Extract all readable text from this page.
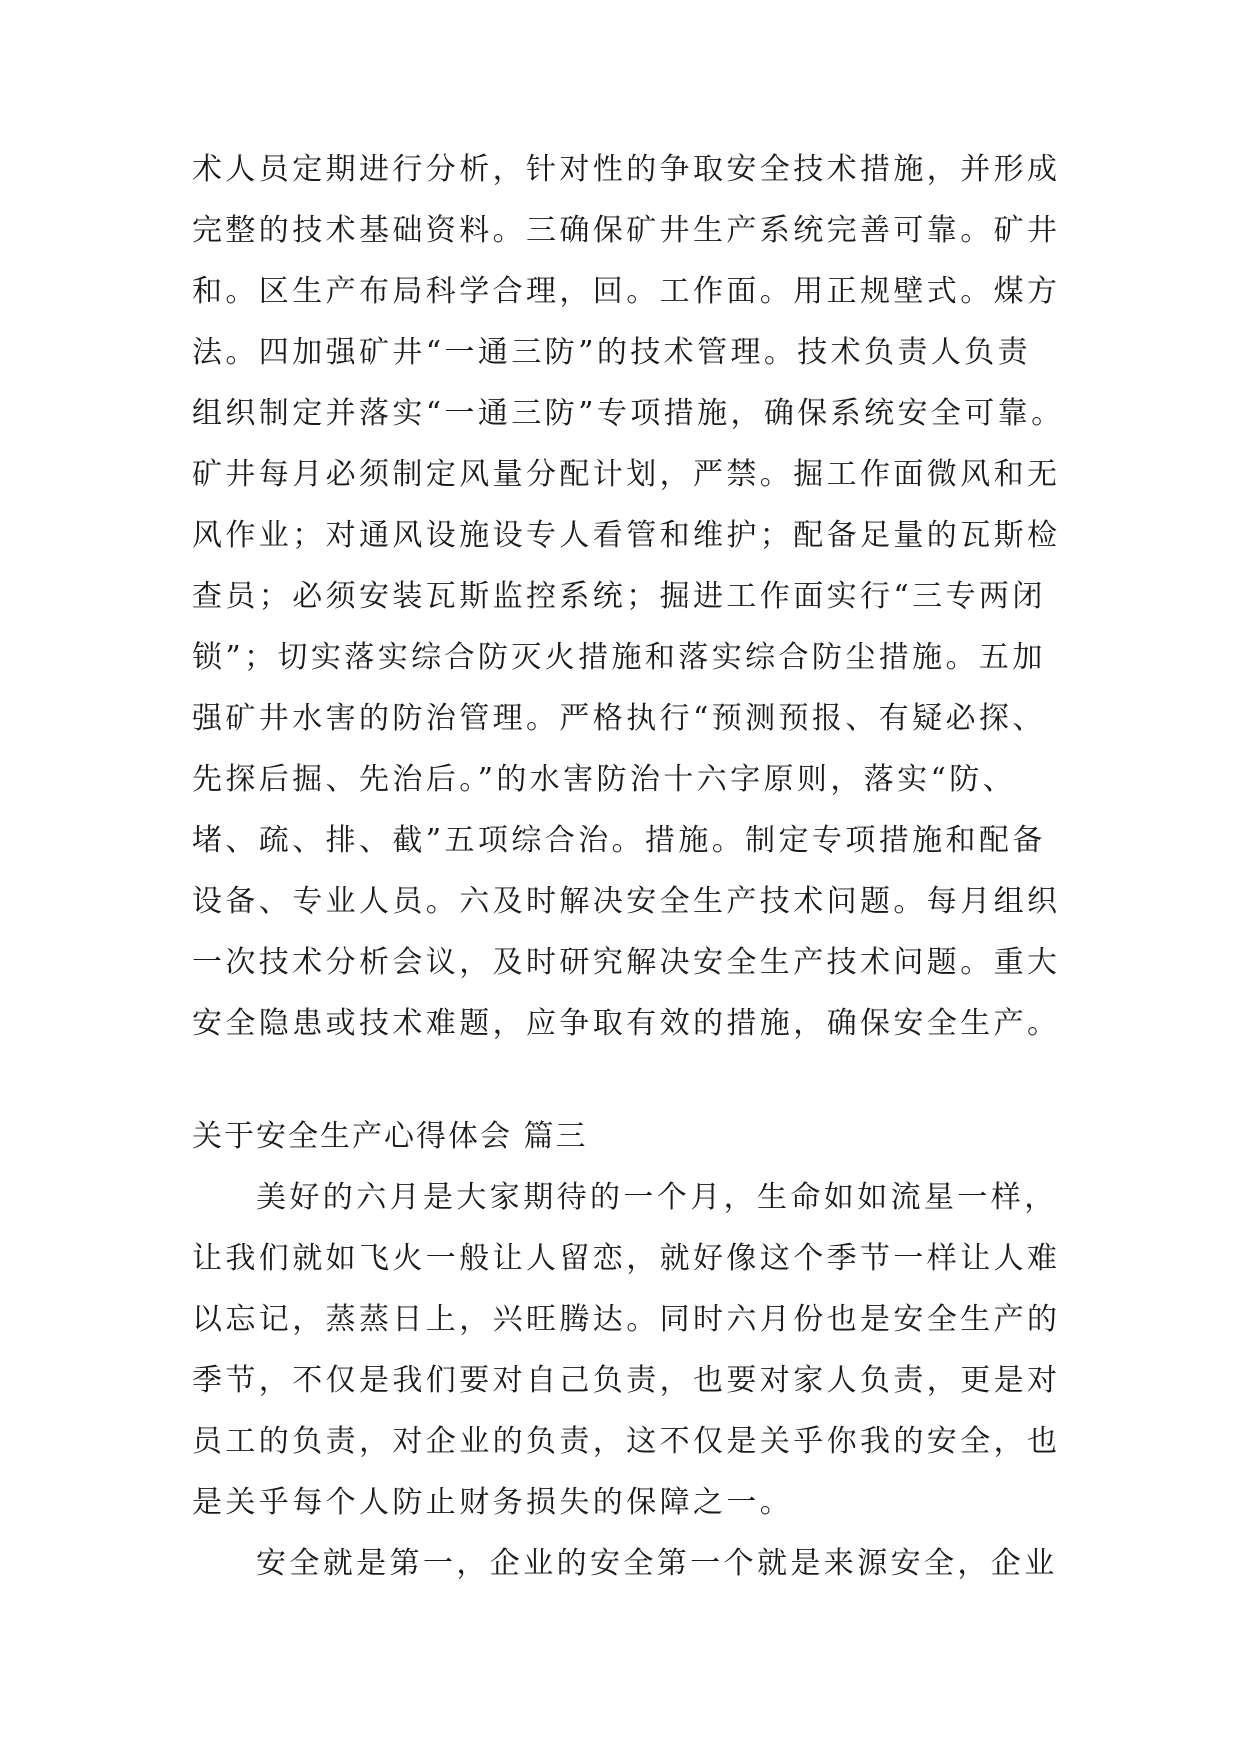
术人员定期进行分析，针对性的争取安全技术措施，并形成
完整的技术基础资料。三确保矿井生产系统完善可靠。矿井
和。区生产布局科学合理，回。工作面。用正规壁式。煤方
法。四加强矿井“一通三防”的技术管理。技术负责人负责
组织制定并落实“一通三防”专项措施，确保系统安全可靠。
矿井每月必须制定风量分配计划，严禁。掘工作面微风和无
风作业；对通风设施设专人看管和维护；配备足量的瓦斯检
查员；必须安装瓦斯监控系统；掘进工作面实行“三专两闭
锁”；切实落实综合防灭火措施和落实综合防尘措施。五加
强矿井水害的防治管理。严格执行“预测预报、有疑必探、
先探后掘、先治后。”的水害防治十六字原则，落实“防、
堵、疏、排、截”五项综合治。措施。制定专项措施和配备
设备、专业人员。六及时解决安全生产技术问题。每月组织
一次技术分析会议，及时研究解决安全生产技术问题。重大
安全隐患或技术难题，应争取有效的措施，确保安全生产。
关于安全生产心得体会 篇三
美好的六月是大家期待的一个月，生命如如流星一样，
让我们就如飞火一般让人留恋，就好像这个季节一样让人难
以忘记，蒸蒸日上，兴旺腾达。同时六月份也是安全生产的
季节，不仅是我们要对自己负责，也要对家人负责，更是对
员工的负责，对企业的负责，这不仅是关乎你我的安全，也
是关乎每个人防止财务损失的保障之一。
安全就是第一，企业的安全第一个就是来源安全，企业
